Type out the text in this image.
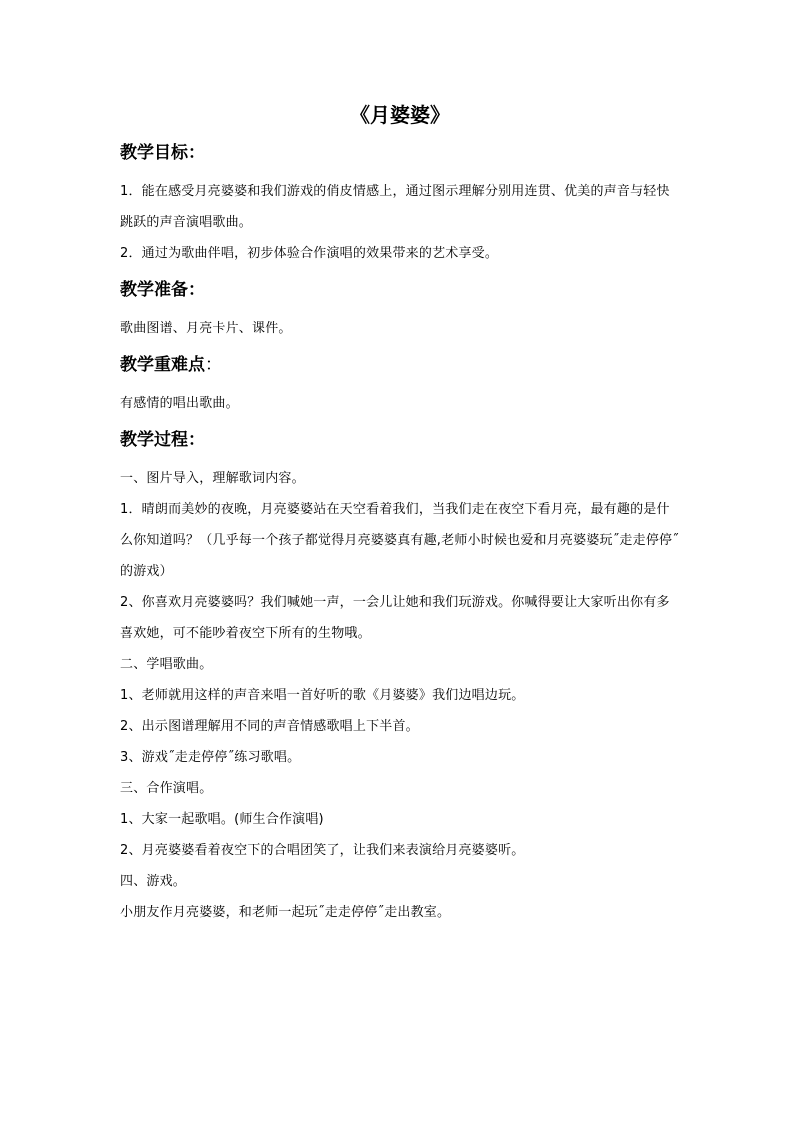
《月婆婆》
教学目标：

1．能在感受月亮婆婆和我们游戏的俏皮情感上，通过图示理解分别用连贯、优美的声音与轻快跳跃的声音演唱歌曲。

2．通过为歌曲伴唱，初步体验合作演唱的效果带来的艺术享受。

教学准备：

歌曲图谱、月亮卡片、课件。

教学重难点：

有感情的唱出歌曲。

教学过程：

一、图片导入，理解歌词内容。

1．晴朗而美妙的夜晚，月亮婆婆站在天空看着我们，当我们走在夜空下看月亮，最有趣的是什么你知道吗？（几乎每一个孩子都觉得月亮婆婆真有趣,老师小时候也爱和月亮婆婆玩˝走走停停˝的游戏）

2、你喜欢月亮婆婆吗？我们喊她一声，一会儿让她和我们玩游戏。你喊得要让大家听出你有多喜欢她，可不能吵着夜空下所有的生物哦。

二、学唱歌曲。

1、老师就用这样的声音来唱一首好听的歌《月婆婆》我们边唱边玩。

2、出示图谱理解用不同的声音情感歌唱上下半首。

3、游戏˝走走停停˝练习歌唱。

三、合作演唱。

1、大家一起歌唱。(师生合作演唱)

2、月亮婆婆看着夜空下的合唱团笑了，让我们来表演给月亮婆婆听。

四、游戏。

小朋友作月亮婆婆，和老师一起玩˝走走停停˝走出教室。
